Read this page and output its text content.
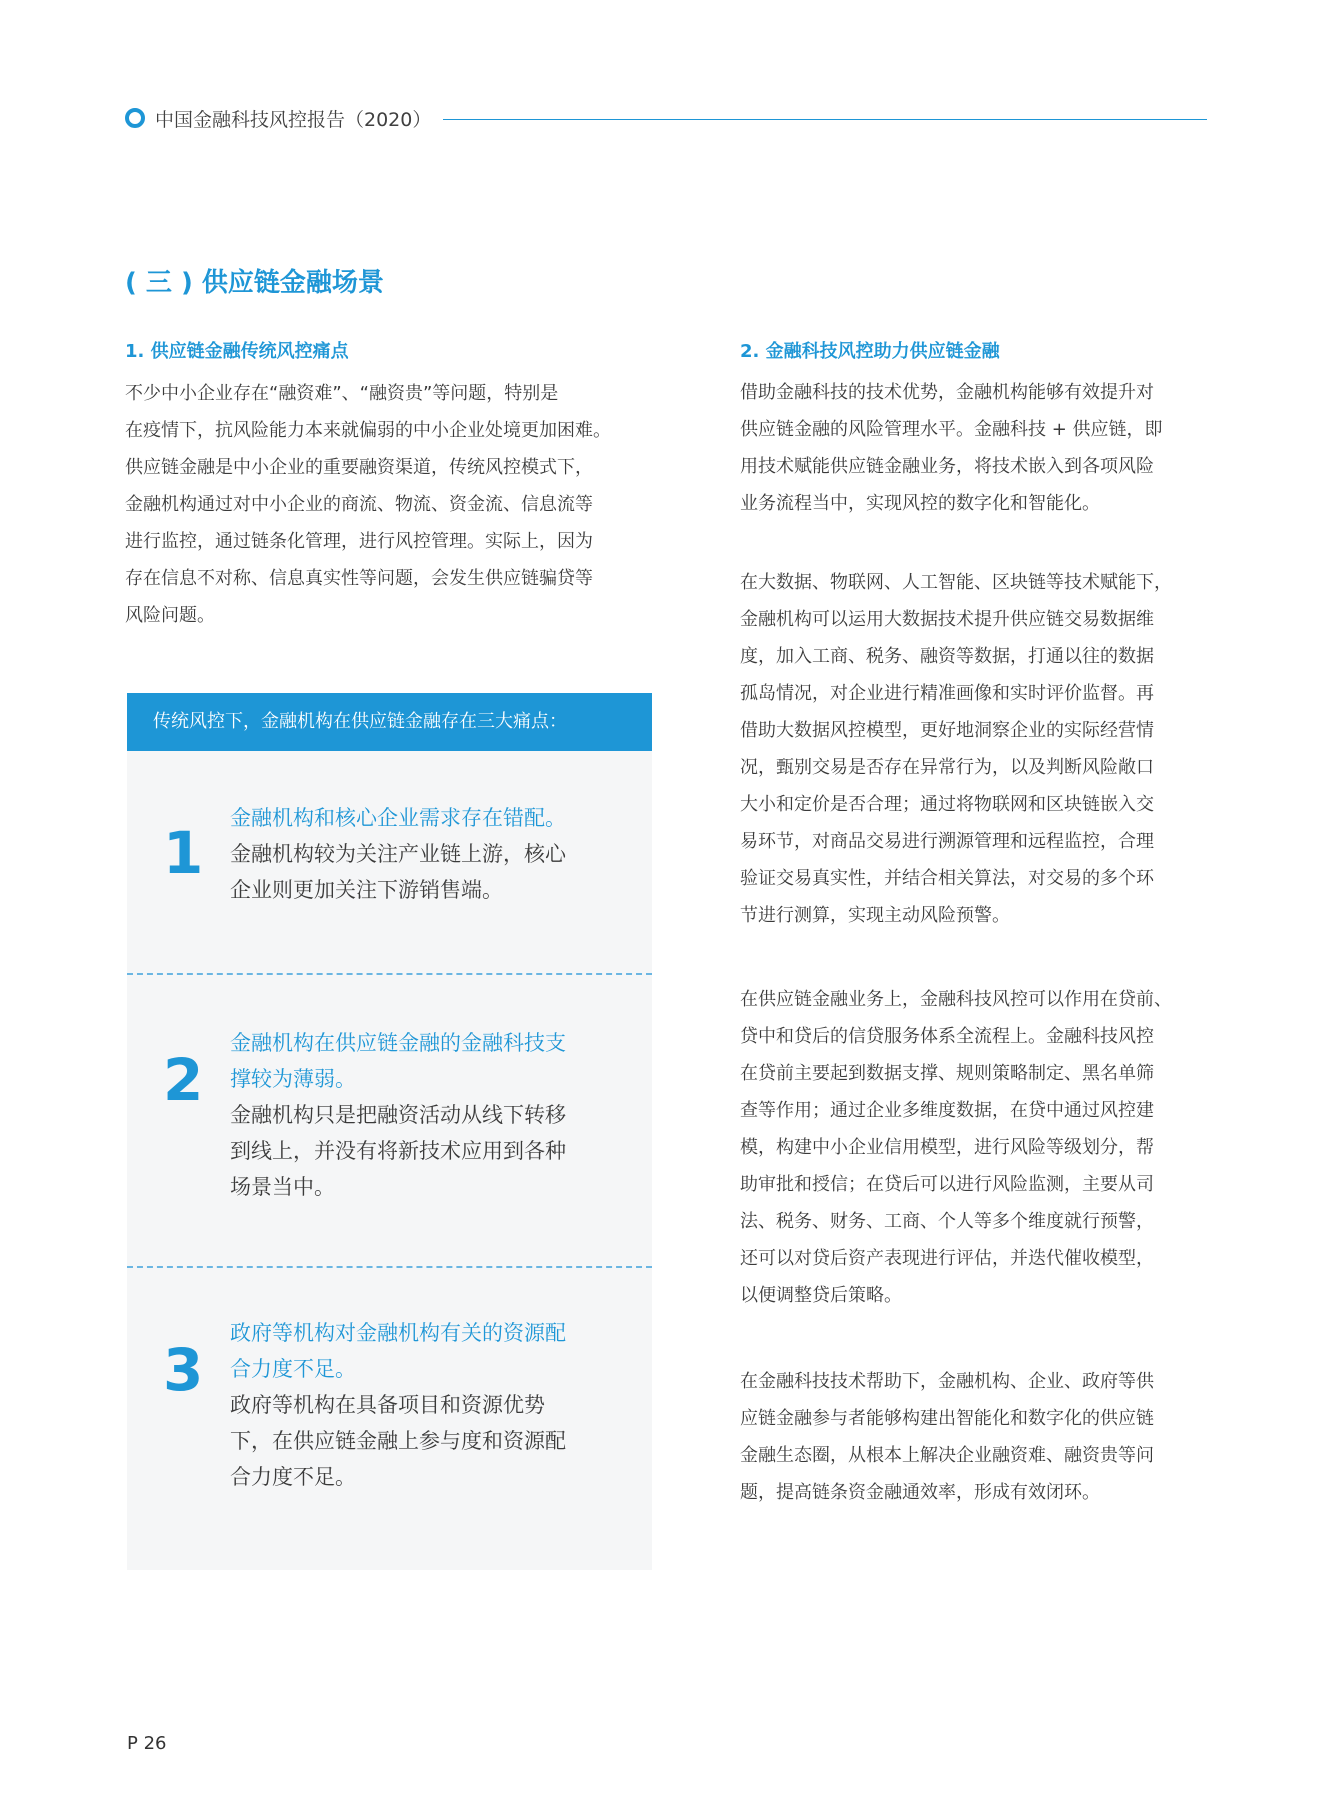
中国金融科技风控报告（2020）
( 三 ) 供应链金融场景
1. 供应链金融传统风控痛点
不少中小企业存在“融资难”、“融资贵”等问题，特别是
在疫情下，抗风险能力本来就偏弱的中小企业处境更加困难。
供应链金融是中小企业的重要融资渠道，传统风控模式下，
金融机构通过对中小企业的商流、物流、资金流、信息流等
进行监控，通过链条化管理，进行风控管理。实际上，因为
存在信息不对称、信息真实性等问题，会发生供应链骗贷等
风险问题。
传统风控下，金融机构在供应链金融存在三大痛点：
1
金融机构和核心企业需求存在错配。
金融机构较为关注产业链上游，核心
企业则更加关注下游销售端。
2
金融机构在供应链金融的金融科技支
撑较为薄弱。
金融机构只是把融资活动从线下转移
到线上，并没有将新技术应用到各种
场景当中。
3
政府等机构对金融机构有关的资源配
合力度不足。
政府等机构在具备项目和资源优势
下，在供应链金融上参与度和资源配
合力度不足。
2. 金融科技风控助力供应链金融
借助金融科技的技术优势，金融机构能够有效提升对
供应链金融的风险管理水平。金融科技 + 供应链，即
用技术赋能供应链金融业务，将技术嵌入到各项风险
业务流程当中，实现风控的数字化和智能化。
在大数据、物联网、人工智能、区块链等技术赋能下，
金融机构可以运用大数据技术提升供应链交易数据维
度，加入工商、税务、融资等数据，打通以往的数据
孤岛情况，对企业进行精准画像和实时评价监督。再
借助大数据风控模型，更好地洞察企业的实际经营情
况，甄别交易是否存在异常行为，以及判断风险敞口
大小和定价是否合理；通过将物联网和区块链嵌入交
易环节，对商品交易进行溯源管理和远程监控，合理
验证交易真实性，并结合相关算法，对交易的多个环
节进行测算，实现主动风险预警。
在供应链金融业务上，金融科技风控可以作用在贷前、
贷中和贷后的信贷服务体系全流程上。金融科技风控
在贷前主要起到数据支撑、规则策略制定、黑名单筛
查等作用；通过企业多维度数据，在贷中通过风控建
模，构建中小企业信用模型，进行风险等级划分，帮
助审批和授信；在贷后可以进行风险监测，主要从司
法、税务、财务、工商、个人等多个维度就行预警，
还可以对贷后资产表现进行评估，并迭代催收模型，
以便调整贷后策略。
在金融科技技术帮助下，金融机构、企业、政府等供
应链金融参与者能够构建出智能化和数字化的供应链
金融生态圈，从根本上解决企业融资难、融资贵等问
题，提高链条资金融通效率，形成有效闭环。
P 26
